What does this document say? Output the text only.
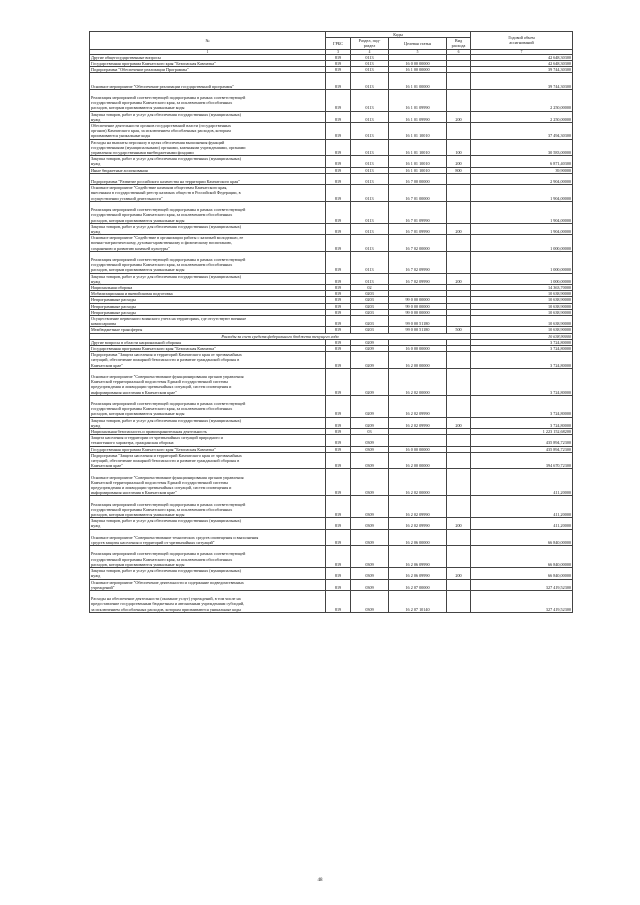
№	Коды				Годовой объем
ассигнований
	ГРБС	Раздел, под-
раздел	Целевая статья	Вид
расхода	
1	3	4	5	6	7
Другие общегосударственные вопросы	819	0113			42 648,30300
Государственная программа Камчатского края "Безопасная Камчатка"	819	0113	16 0 00 00000		42 648,30300
Подпрограмма "Обеспечение реализации Программы"	819	0113	16 1 00 00000		39 744,30300

Основное мероприятие "Обеспечение реализации государственной программы"	819	0113	16 1 01 00000		39 744,30300

Реализация мероприятий соответствующей подпрограммы в рамках соответствующей
государственной программы Камчатского края, за исключением обособленных
расходов, которым присваиваются уникальные коды	819	0113	16 1 01 09990		2 250,00000
Закупка товаров, работ и услуг для обеспечения государственных (муниципальных)
нужд	819	0113	16 1 01 09990	200	2 250,00000
Обеспечение деятельности органов государственной власти (государственных
органов) Камчатского края, за исключением обособленных расходов, которым
присваиваются уникальные коды	819	0113	16 1 01 10010		37 494,30300
Расходы на выплаты персоналу в целях обеспечения выполнения функций
государственными (муниципальными) органами, казенными учреждениями, органами
управления государственными внебюджетными фондами	819	0113	16 1 01 10010	100	30 583,00000
Закупка товаров, работ и услуг для обеспечения государственных (муниципальных)
нужд	819	0113	16 1 01 10010	200	6 871,40300
Иные бюджетные ассигнования	819	0113	16 1 01 10010	800	39,90000

Подпрограмма "Развитие российского казачества на территории Камчатского края"	819	0113	16 7 00 00000		2 904,00000
Основное мероприятие "Содействие казачьим обществам Камчатского края,
внесенным в государственный реестр казачьих обществ в Российской Федерации, в
осуществлении уставной деятельности"	819	0113	16 7 01 00000		1 904,00000

Реализация мероприятий соответствующей подпрограммы в рамках соответствующей
государственной программы Камчатского края, за исключением обособленных
расходов, которым присваиваются уникальные коды	819	0113	16 7 01 09990		1 904,00000
Закупка товаров, работ и услуг для обеспечения государственных (муниципальных)
нужд	819	0113	16 7 01 09990	200	1 904,00000
Основное мероприятие "Содействие в организации работы с казачьей молодежью, ее
военно-патриотическому, духовно-нравственному и физическому воспитанию,
сохранению и развитию казачьей культуры"	819	0113	16 7 02 00000		1 000,00000

Реализация мероприятий соответствующей подпрограммы в рамках соответствующей
государственной программы Камчатского края, за исключением обособленных
расходов, которым присваиваются уникальные коды	819	0113	16 7 02 09990		1 000,00000
Закупка товаров, работ и услуг для обеспечения государственных (муниципальных)
нужд	819	0113	16 7 02 09990	200	1 000,00000
Национальная оборона	819	02			14 363,70000
Мобилизационная и вневойсковая подготовка	819	0203			10 638,90000
Непрограммные расходы	819	0203	99 0 00 00000		10 638,90000
Непрограммные расходы	819	0203	99 0 00 00000		10 638,90000
Непрограммные расходы	819	0203	99 0 00 00000		10 638,90000
Осуществление первичного воинского учета на территориях, где отсутствуют военные
комиссариаты	819	0203	99 0 00 51180		10 638,90000
Межбюджетные трансферты	819	0203	99 0 00 51180	500	10 638,90000
Расходы за счет средств федерального бюджета текущего года					10 638,90000
Другие вопросы в области национальной обороны	819	0209			3 724,80000
Государственная программа Камчатского края "Безопасная Камчатка"	819	0209	16 0 00 00000		3 724,80000
Подпрограмма "Защита населения и территорий Камчатского края от чрезвычайных
ситуаций, обеспечение пожарной безопасности и развитие гражданской обороны в
Камчатском крае"	819	0209	16 2 00 00000		3 724,80000

Основное мероприятие "Совершенствование функционирования органов управления
Камчатской территориальной подсистемы Единой государственной системы
предупреждения и ликвидации чрезвычайных ситуаций, систем оповещения и
информирования населения в Камчатском крае"	819	0209	16 2 02 00000		3 724,80000

Реализация мероприятий соответствующей подпрограммы в рамках соответствующей
государственной программы Камчатского края, за исключением обособленных
расходов, которым присваиваются уникальные коды	819	0209	16 2 02 09990		3 724,80000
Закупка товаров, работ и услуг для обеспечения государственных (муниципальных)
нужд	819	0209	16 2 02 09990	200	3 724,80000
Национальная безопасность и правоохранительная деятельность	819	03			1 223 152,68200
Защита населения и территории от чрезвычайных ситуаций природного и
техногенного характера, гражданская оборона	819	0309			435 894,72300
Государственная программа Камчатского края "Безопасная Камчатка"	819	0309	16 0 00 00000		435 894,72300
Подпрограмма "Защита населения и территорий Камчатского края от чрезвычайных
ситуаций, обеспечение пожарной безопасности и развитие гражданской обороны в
Камчатском крае"	819	0309	16 2 00 00000		394 670,72300

Основное мероприятие "Совершенствование функционирования органов управления
Камчатской территориальной подсистемы Единой государственной системы
предупреждения и ликвидации чрезвычайных ситуаций, систем оповещения и
информирования населения в Камчатском крае"	819	0309	16 2 02 00000		411,20000

Реализация мероприятий соответствующей подпрограммы в рамках соответствующей
государственной программы Камчатского края, за исключением обособленных
расходов, которым присваиваются уникальные коды	819	0309	16 2 02 09990		411,20000
Закупка товаров, работ и услуг для обеспечения государственных (муниципальных)
нужд	819	0309	16 2 02 09990	200	411,20000

Основное мероприятие "Совершенствование технических средств оповещения и выполнения
средств защиты населения и территорий от чрезвычайных ситуаций"	819	0309	16 2 06 00000		66 840,00000

Реализация мероприятий соответствующей подпрограммы в рамках соответствующей
государственной программы Камчатского края, за исключением обособленных
расходов, которым присваиваются уникальные коды	819	0309	16 2 06 09990		66 840,00000
Закупка товаров, работ и услуг для обеспечения государственных (муниципальных)
нужд	819	0309	16 2 06 09990	200	66 840,00000
Основное мероприятие "Обеспечение деятельности и содержание подведомственных
учреждений"	819	0309	16 2 07 00000		327 419,52300

Расходы на обеспечение деятельности (оказание услуг) учреждений, в том числе на
предоставление государственным бюджетным и автономным учреждениям субсидий,
за исключением обособленных расходов, которым присваиваются уникальные коды	819	0309	16 2 07 10140		327 419,52300
48
